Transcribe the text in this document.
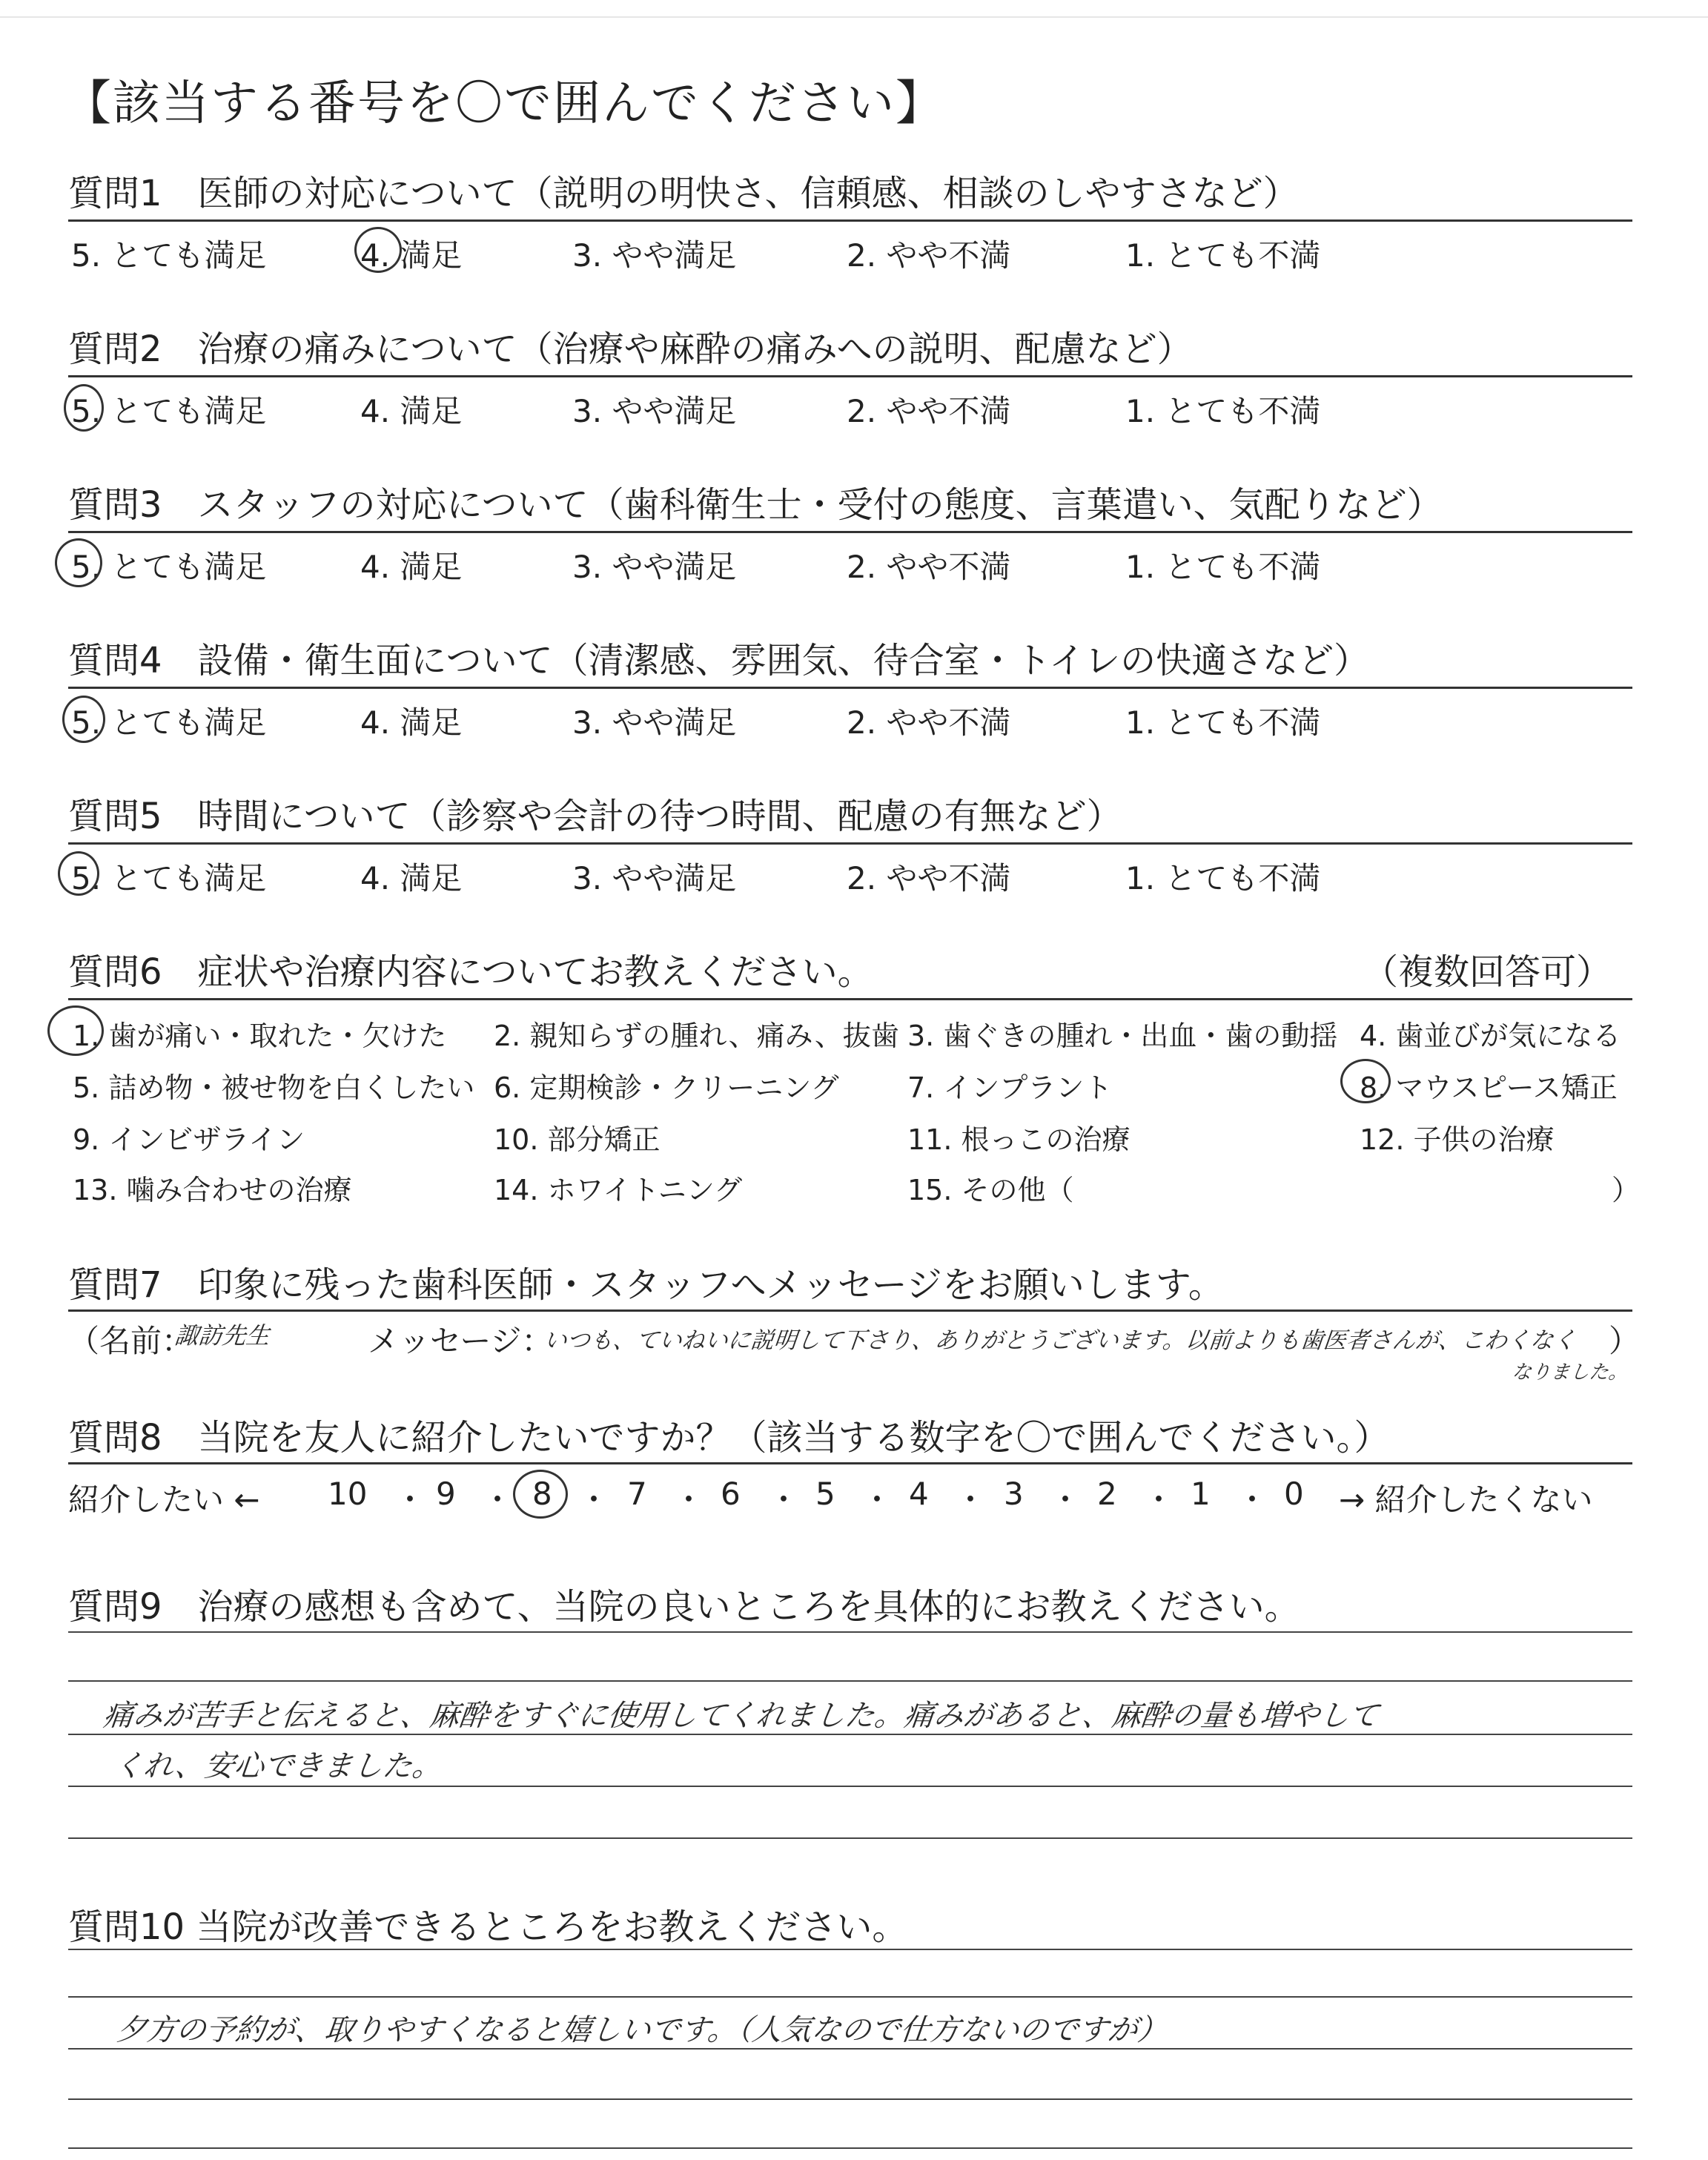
【該当する番号を〇で囲んでください】
質問1　医師の対応について（説明の明快さ、信頼感、相談のしやすさなど）
5. とても満足	4. 満足	3. やや満足	2. やや不満	1. とても不満
質問2　治療の痛みについて（治療や麻酔の痛みへの説明、配慮など）
5. とても満足	4. 満足	3. やや満足	2. やや不満	1. とても不満
質問3　スタッフの対応について（歯科衛生士・受付の態度、言葉遣い、気配りなど）
5. とても満足	4. 満足	3. やや満足	2. やや不満	1. とても不満
質問4　設備・衛生面について（清潔感、雰囲気、待合室・トイレの快適さなど）
5. とても満足	4. 満足	3. やや満足	2. やや不満	1. とても不満
質問5　時間について（診察や会計の待つ時間、配慮の有無など）
5. とても満足	4. 満足	3. やや満足	2. やや不満	1. とても不満
質問6　症状や治療内容についてお教えください。	（複数回答可）
1. 歯が痛い・取れた・欠けた 2. 親知らずの腫れ、痛み、抜歯 3. 歯ぐきの腫れ・出血・歯の動揺 4. 歯並びが気になる
5. 詰め物・被せ物を白くしたい 6. 定期検診・クリーニング 7. インプラント	8. マウスピース矯正
9. インビザライン	10. 部分矯正	11. 根っこの治療	12. 子供の治療
13. 噛み合わせの治療	14. ホワイトニング	15. その他（	）
質問7　印象に残った歯科医師・スタッフへメッセージをお願いします。
（名前：
諏訪先生	メッセージ：
いつも、ていねいに説明して下さり、ありがとうございます。以前よりも歯医者さんが、こわくなく ）
なりました。
質問8　当院を友人に紹介したいですか？（該当する数字を〇で囲んでください。）
紹介したい ← 10 ・ 9 ・ 8 ・ 7 ・ 6 ・ 5 ・ 4 ・ 3 ・ 2 ・ 1 ・ 0 → 紹介したくない
質問9　治療の感想も含めて、当院の良いところを具体的にお教えください。
痛みが苦手と伝えると、麻酔をすぐに使用してくれました。痛みがあると、麻酔の量も増やして
くれ、安心できました。
質問10 当院が改善できるところをお教えください。
夕方の予約が、取りやすくなると嬉しいです。（人気なので仕方ないのですが）
